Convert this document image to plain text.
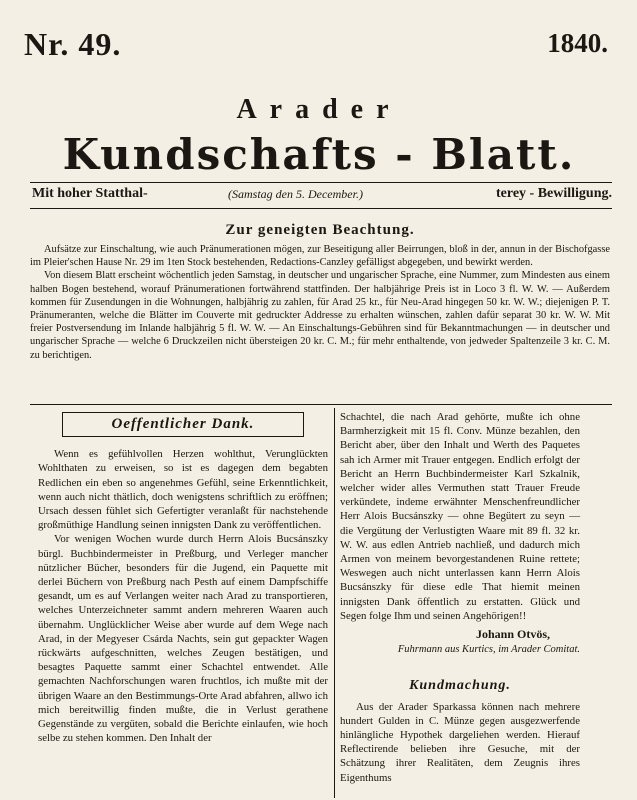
Nr. 49.	1840.
Arader
Kundschafts - Blatt.
Mit hoher Statthal-	(Samstag den 5. December.)	terey - Bewilligung.
Zur geneigten Beachtung.

Aufsätze zur Einschaltung, wie auch Pränumerationen mögen, zur Beseitigung aller Beirrungen, bloß in der, annun in der Bischofgasse im Pleier'schen Hause Nr. 29 im 1ten Stock bestehenden, Redactions-Canzley gefälligst abgegeben, und bewirkt werden.

Von diesem Blatt erscheint wöchentlich jeden Samstag, in deutscher und ungarischer Sprache, eine Nummer, zum Mindesten aus einem halben Bogen bestehend, worauf Pränumerationen fortwährend stattfinden. Der halbjährige Preis ist in Loco 3 fl. W. W. — Außerdem kommen für Zusendungen in die Wohnungen, halbjährig zu zahlen, für Arad 25 kr., für Neu-Arad hingegen 50 kr. W. W.; diejenigen P. T. Pränumeranten, welche die Blätter im Couverte mit gedruckter Addresse zu erhalten wünschen, zahlen dafür separat 30 kr. W. W. Mit freier Postversendung im Inlande halbjährig 5 fl. W. W. — An Einschaltungs-Gebühren sind für Bekanntmachungen — in deutscher und ungarischer Sprache — welche 6 Druckzeilen nicht übersteigen 20 kr. C. M.; für mehr enthaltende, von jedweder Spaltenzeile 3 kr. C. M. zu berichtigen.

Oeffentlicher Dank.

Wenn es gefühlvollen Herzen wohlthut, Verunglückten Wohlthaten zu erweisen, so ist es dagegen dem begabten Redlichen ein eben so angenehmes Gefühl, seine Erkenntlichkeit, wenn auch nicht thätlich, doch wenigstens schriftlich zu eröffnen; Ursach dessen fühlet sich Gefertigter veranlaßt für nachstehende großmüthige Handlung seinen innigsten Dank zu veröffentlichen.

Vor wenigen Wochen wurde durch Herrn Alois Bucsánszky bürgl. Buchbindermeister in Preßburg, und Verleger mancher nützlicher Bücher, besonders für die Jugend, ein Paquette mit derlei Büchern von Preßburg nach Pesth auf einem Dampfschiffe gesandt, um es auf Verlangen weiter nach Arad zu transportieren, welches Unterzeichneter sammt andern mehreren Waaren auch übernahm. Unglücklicher Weise aber wurde auf dem Wege nach Arad, in der Megyeser Csárda Nachts, sein gut gepackter Wagen rückwärts aufgeschnitten, welches Zeugen bestätigen, und besagtes Paquette sammt einer Schachtel entwendet. Alle gemachten Nachforschungen waren fruchtlos, ich mußte mit der übrigen Waare an den Bestimmungs-Orte Arad abfahren, allwo ich mich bereitwillig finden mußte, die in Verlust gerathene Gegenstände zu vergüten, sobald die Berichte einlaufen, wie hoch selbe zu stehen kommen. Den Inhalt der

Schachtel, die nach Arad gehörte, mußte ich ohne Barmherzigkeit mit 15 fl. Conv. Münze bezahlen, den Bericht aber, über den Inhalt und Werth des Paquetes sah ich Armer mit Trauer entgegen. Endlich erfolgt der Bericht an Herrn Buchbindermeister Karl Szkalnik, welcher wider alles Vermuthen statt Trauer Freude verkündete, indeme erwähnter Menschenfreundlicher Herr Alois Bucsánszky — ohne Begütert zu seyn — die Vergütung der Verlustigten Waare mit 89 fl. 32 kr. W. W. aus edlen Antrieb nachließ, und dadurch mich Armen von meinem bevorgestandenen Ruine rettete; Weswegen auch nicht unterlassen kann Herrn Alois Bucsánszky für diese edle That hiemit meinen innigsten Dank öffentlich zu erstatten. Glück und Segen folge Ihm und seinen Angehörigen!!

Johann Otvös,
Fuhrmann aus Kurtics, im Arader Comitat.
Kundmachung.

Aus der Arader Sparkassa können nach mehrere hundert Gulden in C. Münze gegen ausgezwerfende hinlängliche Hypothek dargeliehen werden. Hierauf Reflectirende belieben ihre Gesuche, mit der Schätzung ihrer Realitäten, dem Zeugnis ihres Eigenthums
